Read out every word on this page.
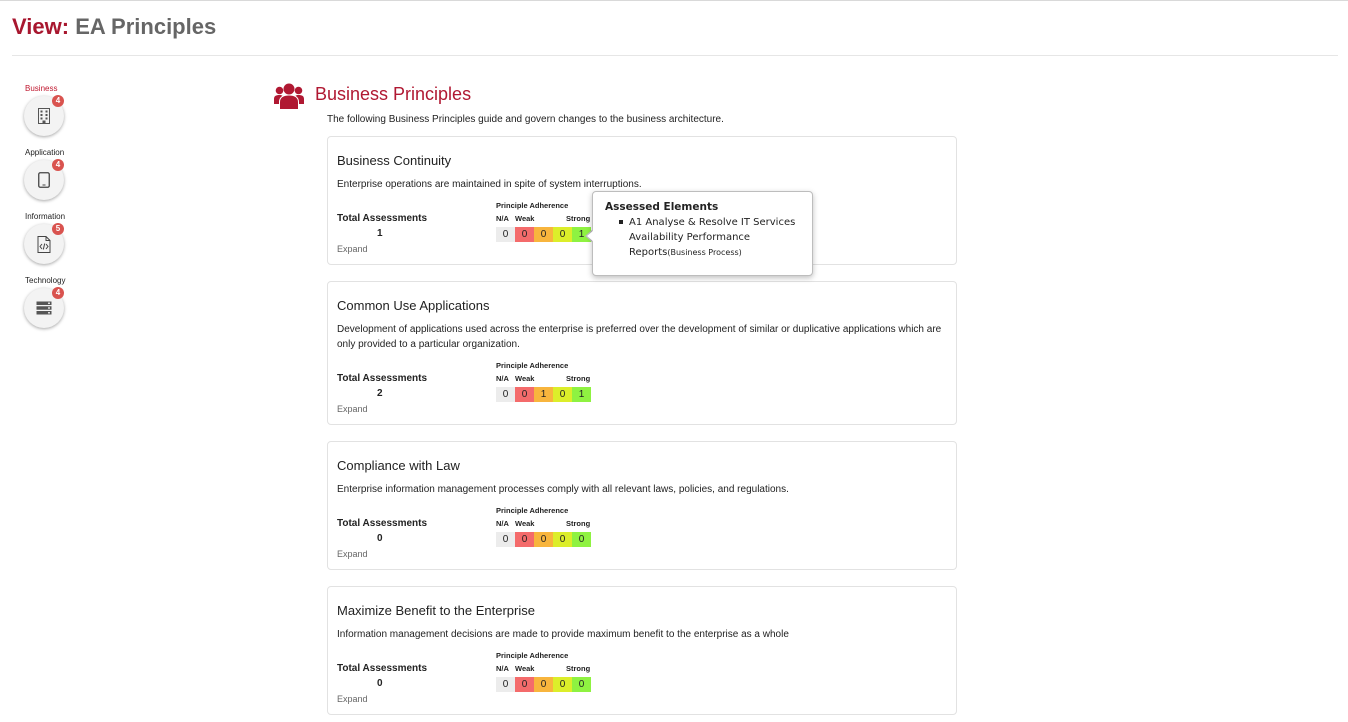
View: EA Principles
Business
4
Application
4
Information
5
Technology
4
Business Principles
The following Business Principles guide and govern changes to the business architecture.
Business Continuity
Enterprise operations are maintained in spite of system interruptions.
Total Assessments
1
Expand
Principle Adherence
N/A Weak	Strong
0	0	0	0	1
Common Use Applications
Development of applications used across the enterprise is preferred over the development of similar or duplicative applications which are only provided to a particular organization.
Total Assessments
2
Expand
Principle Adherence
N/A Weak	Strong
0	0	1	0	1
Compliance with Law
Enterprise information management processes comply with all relevant laws, policies, and regulations.
Total Assessments
0
Expand
Principle Adherence
N/A Weak	Strong
0	0	0	0	0
Maximize Benefit to the Enterprise
Information management decisions are made to provide maximum benefit to the enterprise as a whole
Total Assessments
0
Expand
Principle Adherence
N/A Weak	Strong
0	0	0	0	0
Assessed Elements
A1 Analyse & Resolve IT Services Availability Performance Reports(Business Process)
